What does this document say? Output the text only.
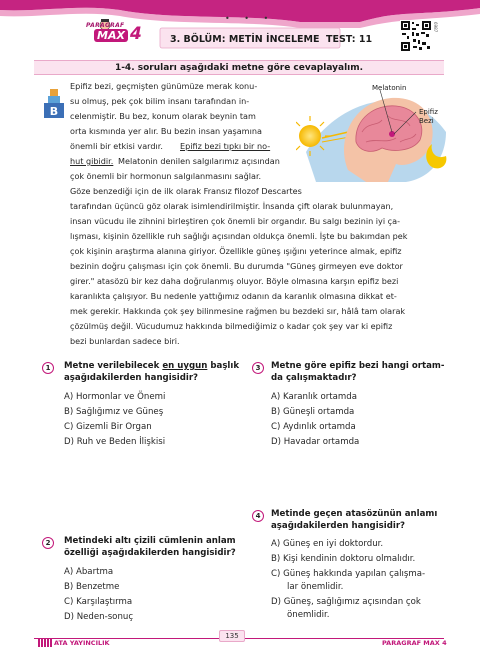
• • •
PARAGRAF
MAX 4	3. BÖLÜM: METİN İNCELEME TEST: 11
6987
1-4. soruları aşağıdaki metne göre cevaplayalım.
B
Melatonin
Epifiz Bezi
Epifiz bezi, geçmişten günümüze merak konu-
su olmuş, pek çok bilim insanı tarafından in-
celenmiştir. Bu bez, konum olarak beynin tam
orta kısmında yer alır. Bu bezin insan yaşamına
önemli bir etkisi vardır. Epifiz bezi tıpkı bir no-
hut gibidir. Melatonin denilen salgılarımız açısından
çok önemli bir hormonun salgılanmasını sağlar.
Göze benzediği için de ilk olarak Fransız filozof Descartes
tarafından üçüncü göz olarak isimlendirilmiştir. İnsanda çift olarak bulunmayan,
insan vücudu ile zihnini birleştiren çok önemli bir organdır. Bu salgı bezinin iyi ça-
lışması, kişinin özellikle ruh sağlığı açısından oldukça önemli. İşte bu bakımdan pek
çok kişinin araştırma alanına giriyor. Özellikle güneş ışığını yeterince almak, epifiz
bezinin doğru çalışması için çok önemli. Bu durumda "Güneş girmeyen eve doktor
girer." atasözü bir kez daha doğrulanmış oluyor. Böyle olmasına karşın epifiz bezi
karanlıkta çalışıyor. Bu nedenle yattığımız odanın da karanlık olmasına dikkat et-
mek gerekir. Hakkında çok şey bilinmesine rağmen bu bezdeki sır, hâlâ tam olarak
çözülmüş değil. Vücudumuz hakkında bilmediğimiz o kadar çok şey var ki epifiz
bezi bunlardan sadece biri.
1	Metne verilebilecek en uygun başlık
aşağıdakilerden hangisidir?
A) Hormonlar ve Önemi
B) Sağlığımız ve Güneş
C) Gizemli Bir Organ
D) Ruh ve Beden İlişkisi
2	Metindeki altı çizili cümlenin anlam
özelliği aşağıdakilerden hangisidir?
A) Abartma
B) Benzetme
C) Karşılaştırma
D) Neden-sonuç
3	Metne göre epifiz bezi hangi ortam-
da çalışmaktadır?
A) Karanlık ortamda
B) Güneşli ortamda
C) Aydınlık ortamda
D) Havadar ortamda
4	Metinde geçen atasözünün anlamı
aşağıdakilerden hangisidir?
A) Güneş en iyi doktordur.
B) Kişi kendinin doktoru olmalıdır.
C) Güneş hakkında yapılan çalışma-
lar önemlidir.
D) Güneş, sağlığımız açısından çok
önemlidir.
135
ATA YAYINCILIK	PARAGRAF MAX 4
